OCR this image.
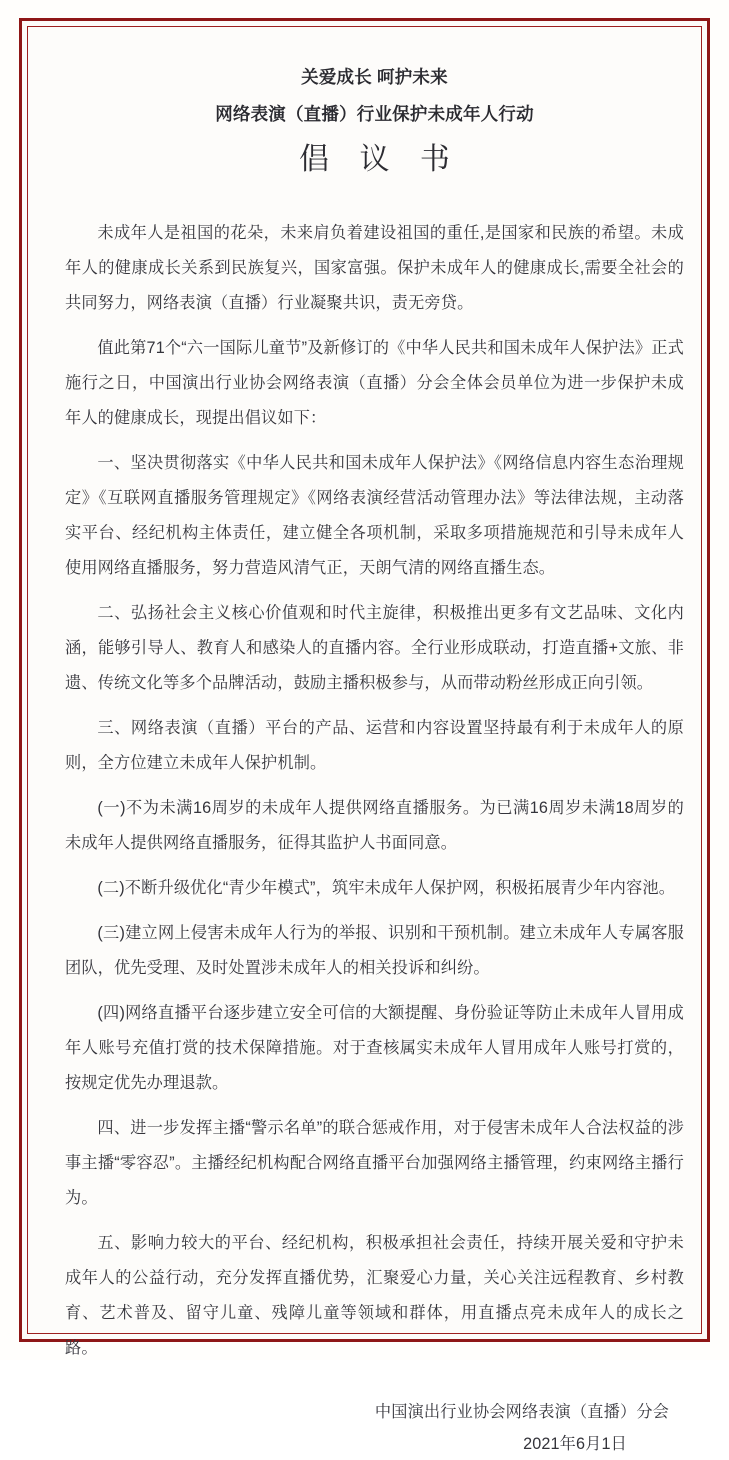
关爱成长 呵护未来
网络表演（直播）行业保护未成年人行动
倡 议 书

未成年人是祖国的花朵，未来肩负着建设祖国的重任,是国家和民族的希望。未成年人的健康成长关系到民族复兴，国家富强。保护未成年人的健康成长,需要全社会的共同努力，网络表演（直播）行业凝聚共识，责无旁贷。

值此第71个“六一国际儿童节”及新修订的《中华人民共和国未成年人保护法》正式施行之日，中国演出行业协会网络表演（直播）分会全体会员单位为进一步保护未成年人的健康成长，现提出倡议如下：

一、坚决贯彻落实《中华人民共和国未成年人保护法》《网络信息内容生态治理规定》《互联网直播服务管理规定》《网络表演经营活动管理办法》等法律法规，主动落实平台、经纪机构主体责任，建立健全各项机制，采取多项措施规范和引导未成年人使用网络直播服务，努力营造风清气正，天朗气清的网络直播生态。

二、弘扬社会主义核心价值观和时代主旋律，积极推出更多有文艺品味、文化内涵，能够引导人、教育人和感染人的直播内容。全行业形成联动，打造直播+文旅、非遗、传统文化等多个品牌活动，鼓励主播积极参与，从而带动粉丝形成正向引领。

三、网络表演（直播）平台的产品、运营和内容设置坚持最有利于未成年人的原则，全方位建立未成年人保护机制。

(一)不为未满16周岁的未成年人提供网络直播服务。为已满16周岁未满18周岁的未成年人提供网络直播服务，征得其监护人书面同意。

(二)不断升级优化“青少年模式”，筑牢未成年人保护网，积极拓展青少年内容池。

(三)建立网上侵害未成年人行为的举报、识别和干预机制。建立未成年人专属客服团队，优先受理、及时处置涉未成年人的相关投诉和纠纷。

(四)网络直播平台逐步建立安全可信的大额提醒、身份验证等防止未成年人冒用成年人账号充值打赏的技术保障措施。对于查核属实未成年人冒用成年人账号打赏的，按规定优先办理退款。

四、进一步发挥主播“警示名单”的联合惩戒作用，对于侵害未成年人合法权益的涉事主播“零容忍”。主播经纪机构配合网络直播平台加强网络主播管理，约束网络主播行为。

五、影响力较大的平台、经纪机构，积极承担社会责任，持续开展关爱和守护未成年人的公益行动，充分发挥直播优势，汇聚爱心力量，关心关注远程教育、乡村教育、艺术普及、留守儿童、残障儿童等领域和群体，用直播点亮未成年人的成长之路。

中国演出行业协会网络表演（直播）分会
2021年6月1日
